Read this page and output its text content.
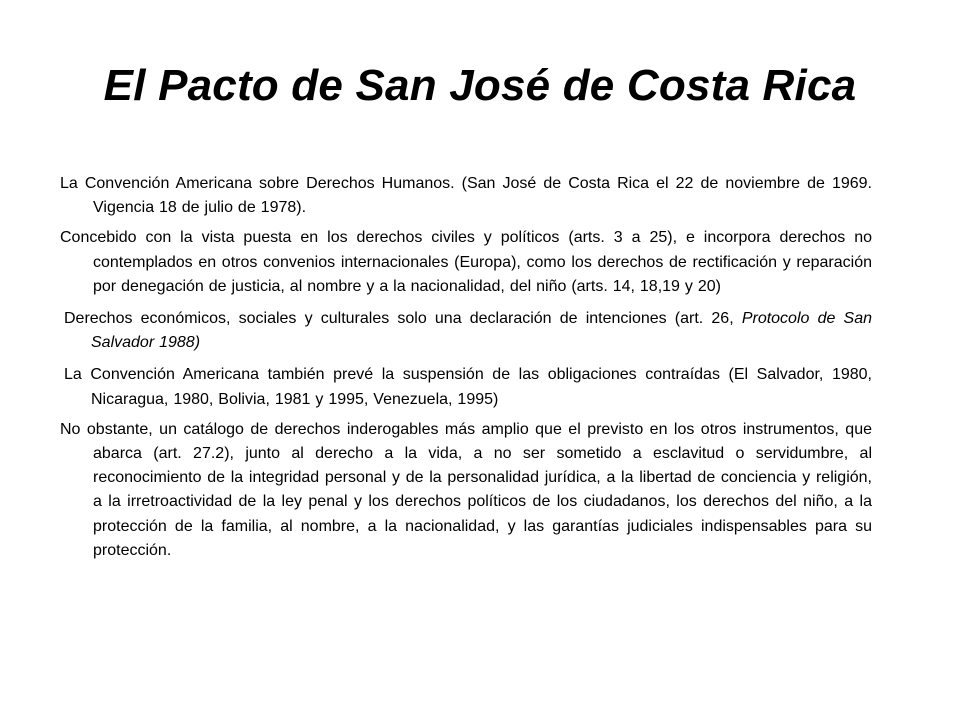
El Pacto de San José de Costa Rica

La Convención Americana sobre Derechos Humanos. (San José de Costa Rica el 22 de noviembre de 1969. Vigencia 18 de julio de 1978).

Concebido con la vista puesta en los derechos civiles y políticos (arts. 3 a 25), e incorpora derechos no contemplados en otros convenios internacionales (Europa), como los derechos de rectificación y reparación por denegación de justicia, al nombre y a la nacionalidad, del niño (arts. 14, 18,19 y 20)

Derechos económicos, sociales y culturales solo una declaración de intenciones (art. 26, Protocolo de San Salvador 1988)

La Convención Americana también prevé la suspensión de las obligaciones contraídas (El Salvador, 1980, Nicaragua, 1980, Bolivia, 1981 y 1995, Venezuela, 1995)

No obstante, un catálogo de derechos inderogables más amplio que el previsto en los otros instrumentos, que abarca (art. 27.2), junto al derecho a la vida, a no ser sometido a esclavitud o servidumbre, al reconocimiento de la integridad personal y de la personalidad jurídica, a la libertad de conciencia y religión, a la irretroactividad de la ley penal y los derechos políticos de los ciudadanos, los derechos del niño, a la protección de la familia, al nombre, a la nacionalidad, y las garantías judiciales indispensables para su protección.
